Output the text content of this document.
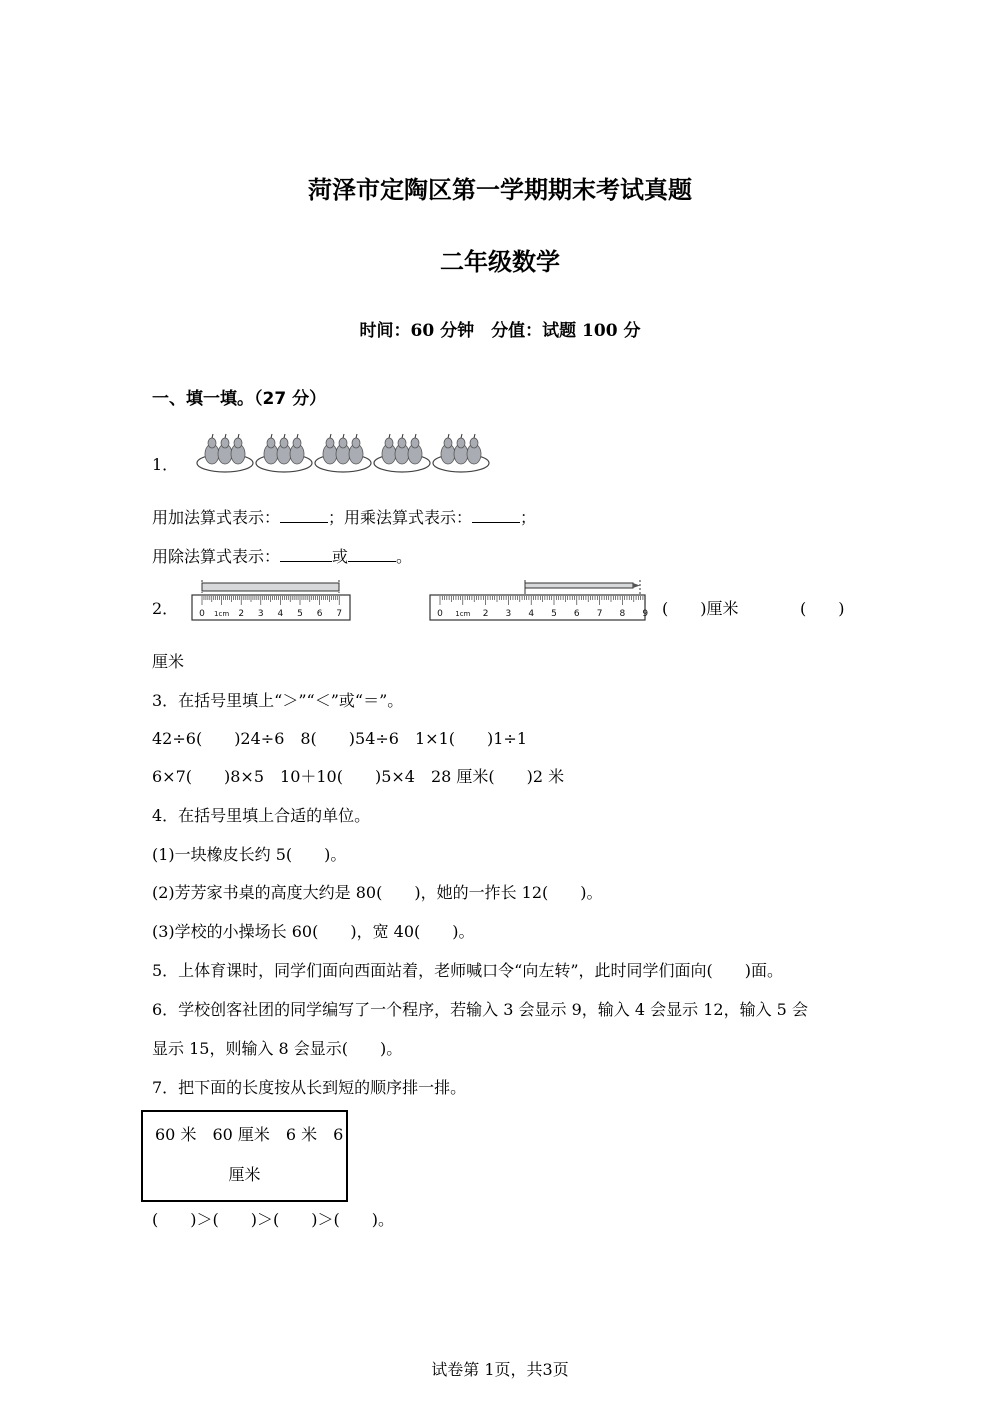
菏泽市定陶区第一学期期末考试真题
二年级数学
时间：60 分钟　分值：试题 100 分
一、填一填。（27 分）
1．
用加法算式表示：	；用乘法算式表示：	；
用除法算式表示：	或	。
2． 0 1cm 2 3 4 5 6 7	0 1cm 2 3 4 5 6 7 8 9 (　　)厘米	(　　)
厘米
3．在括号里填上“＞”“＜”或“＝”。
42÷6(　　)24÷6　8(　　)54÷6　1×1(　　)1÷1
6×7(　　)8×5　10＋10(　　)5×4　28 厘米(　　)2 米
4．在括号里填上合适的单位。
(1)一块橡皮长约 5(　　)。
(2)芳芳家书桌的高度大约是 80(　　)，她的一拃长 12(　　)。
(3)学校的小操场长 60(　　)，宽 40(　　)。
5．上体育课时，同学们面向西面站着，老师喊口令“向左转”，此时同学们面向(　　)面。
6．学校创客社团的同学编写了一个程序，若输入 3 会显示 9，输入 4 会显示 12，输入 5 会
显示 15，则输入 8 会显示(　　)。
7．把下面的长度按从长到短的顺序排一排。
60 米　60 厘米　6 米　6
厘米
(　　)＞(　　)＞(　　)＞(　　)。
试卷第 1页，共3页
